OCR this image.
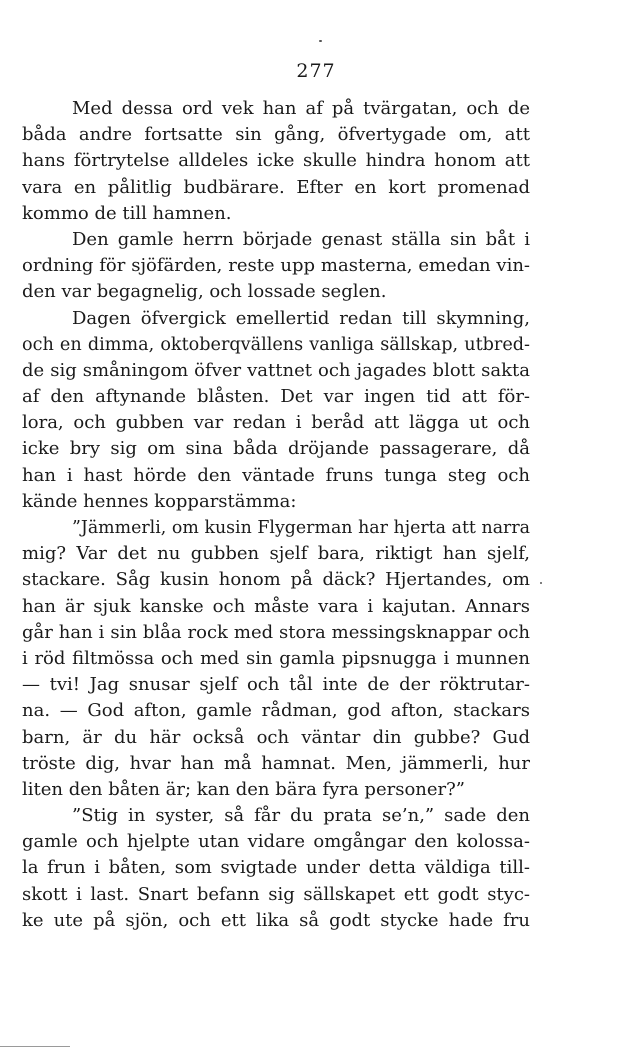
277
Med dessa ord vek han af på tvärgatan, och de
båda andre fortsatte sin gång, öfvertygade om, att
hans förtrytelse alldeles icke skulle hindra honom att
vara en pålitlig budbärare. Efter en kort promenad
kommo de till hamnen.
Den gamle herrn började genast ställa sin båt i
ordning för sjöfärden, reste upp masterna, emedan vin-
den var begagnelig, och lossade seglen.
Dagen öfvergick emellertid redan till skymning,
och en dimma, oktoberqvällens vanliga sällskap, utbred-
de sig småningom öfver vattnet och jagades blott sakta
af den aftynande blåsten. Det var ingen tid att för-
lora, och gubben var redan i beråd att lägga ut och
icke bry sig om sina båda dröjande passagerare, då
han i hast hörde den väntade fruns tunga steg och
kände hennes kopparstämma:
”Jämmerli, om kusin Flygerman har hjerta att narra
mig? Var det nu gubben sjelf bara, riktigt han sjelf,
stackare. Såg kusin honom på däck? Hjertandes, om
han är sjuk kanske och måste vara i kajutan. Annars
går han i sin blåa rock med stora messingsknappar och
i röd filtmössa och med sin gamla pipsnugga i munnen
— tvi! Jag snusar sjelf och tål inte de der röktrutar-
na. — God afton, gamle rådman, god afton, stackars
barn, är du här också och väntar din gubbe? Gud
tröste dig, hvar han må hamnat. Men, jämmerli, hur
liten den båten är; kan den bära fyra personer?”
”Stig in syster, så får du prata se’n,” sade den
gamle och hjelpte utan vidare omgångar den kolossa-
la frun i båten, som svigtade under detta väldiga till-
skott i last. Snart befann sig sällskapet ett godt styc-
ke ute på sjön, och ett lika så godt stycke hade fru
